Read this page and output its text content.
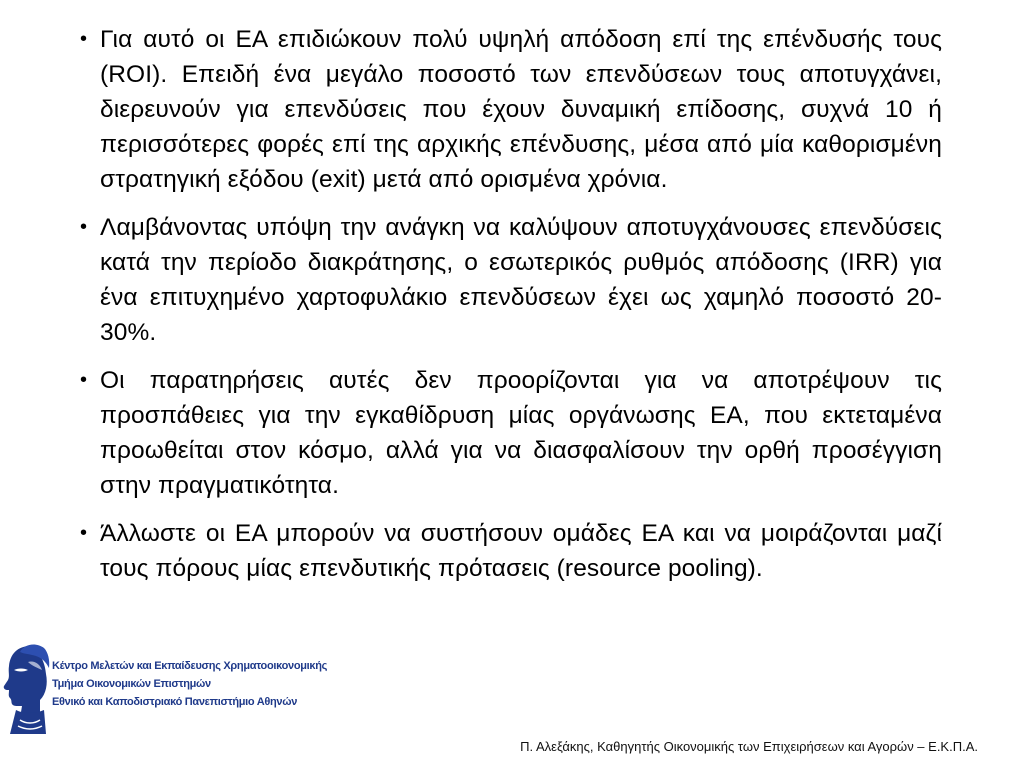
• Για αυτό οι ΕΑ επιδιώκουν πολύ υψηλή απόδοση επί της επένδυσής τους (ROI). Επειδή ένα μεγάλο ποσοστό των επενδύσεων τους αποτυγχάνει, διερευνούν για επενδύσεις που έχουν δυναμική επίδοσης, συχνά 10 ή περισσότερες φορές επί της αρχικής επένδυσης, μέσα από μία καθορισμένη στρατηγική εξόδου (exit) μετά από ορισμένα χρόνια.
• Λαμβάνοντας υπόψη την ανάγκη να καλύψουν αποτυγχάνουσες επενδύσεις κατά την περίοδο διακράτησης, ο εσωτερικός ρυθμός απόδοσης (IRR) για ένα επιτυχημένο χαρτοφυλάκιο επενδύσεων έχει ως χαμηλό ποσοστό 20-30%.
• Οι παρατηρήσεις αυτές δεν προορίζονται για να αποτρέψουν τις προσπάθειες για την εγκαθίδρυση μίας οργάνωσης ΕΑ, που εκτεταμένα προωθείται στον κόσμο, αλλά για να διασφαλίσουν την ορθή προσέγγιση στην πραγματικότητα.
• Άλλωστε οι ΕΑ μπορούν να συστήσουν ομάδες ΕΑ και να μοιράζονται μαζί τους πόρους μίας επενδυτικής πρότασεις (resource pooling).
Κέντρο Μελετών και Εκπαίδευσης Χρηματοοικονομικής
Τμήμα Οικονομικών Επιστημών
Εθνικό και Καποδιστριακό Πανεπιστήμιο Αθηνών
Π. Αλεξάκης, Καθηγητής Οικονομικής των Επιχειρήσεων και Αγορών – Ε.Κ.Π.Α.
